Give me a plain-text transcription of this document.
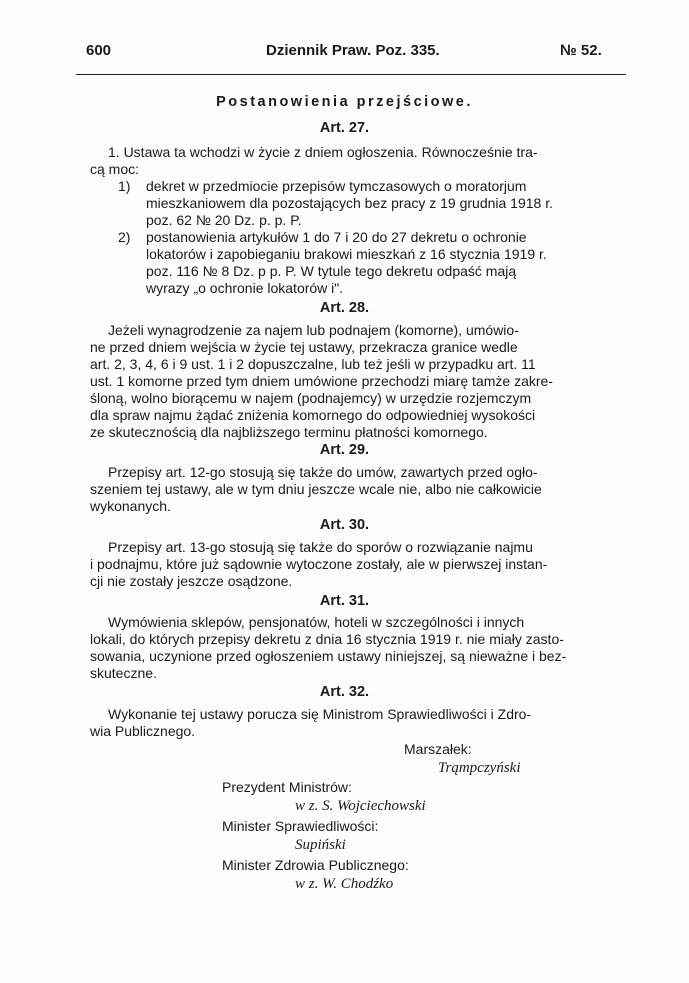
600	Dziennik Praw. Poz. 335.	№ 52.
Postanowienia przejściowe.
Art. 27.
1. Ustawa ta wchodzi w życie z dniem ogłoszenia. Równocześnie tra-
cą moc:
1) dekret w przedmiocie przepisów tymczasowych o moratorjum
mieszkaniowem dla pozostających bez pracy z 19 grudnia 1918 r.
poz. 62 № 20 Dz. p. p. P.
2) postanowienia artykułów 1 do 7 i 20 do 27 dekretu o ochronie
lokatorów i zapobieganiu brakowi mieszkań z 16 stycznia 1919 r.
poz. 116 № 8 Dz. p p. P. W tytule tego dekretu odpaść mają
wyrazy „o ochronie lokatorów i".
Art. 28.
Jeżeli wynagrodzenie za najem lub podnajem (komorne), umówio-
ne przed dniem wejścia w życie tej ustawy, przekracza granice wedle
art. 2, 3, 4, 6 i 9 ust. 1 i 2 dopuszczalne, lub też jeśli w przypadku art. 11
ust. 1 komorne przed tym dniem umówione przechodzi miarę tamże zakre-
śloną, wolno biorącemu w najem (podnajemcy) w urzędzie rozjemczym
dla spraw najmu żądać zniżenia komornego do odpowiedniej wysokości
ze skutecznością dla najbliższego terminu płatności komornego.
Art. 29.
Przepisy art. 12-go stosują się także do umów, zawartych przed ogło-
szeniem tej ustawy, ale w tym dniu jeszcze wcale nie, albo nie całkowicie
wykonanych.
Art. 30.
Przepisy art. 13-go stosują się także do sporów o rozwiązanie najmu
i podnajmu, które już sądownie wytoczone zostały, ale w pierwszej instan-
cji nie zostały jeszcze osądzone.
Art. 31.
Wymówienia sklepów, pensjonatów, hoteli w szczególności i innych
lokali, do których przepisy dekretu z dnia 16 stycznia 1919 r. nie miały zasto-
sowania, uczynione przed ogłoszeniem ustawy niniejszej, są nieważne i bez-
skuteczne.
Art. 32.
Wykonanie tej ustawy porucza się Ministrom Sprawiedliwości i Zdro-
wia Publicznego.
Marszałek:
Trąmpczyński
Prezydent Ministrów:
w z. S. Wojciechowski
Minister Sprawiedliwości:
Supiński
Minister Zdrowia Publicznego:
w z. W. Chodźko
